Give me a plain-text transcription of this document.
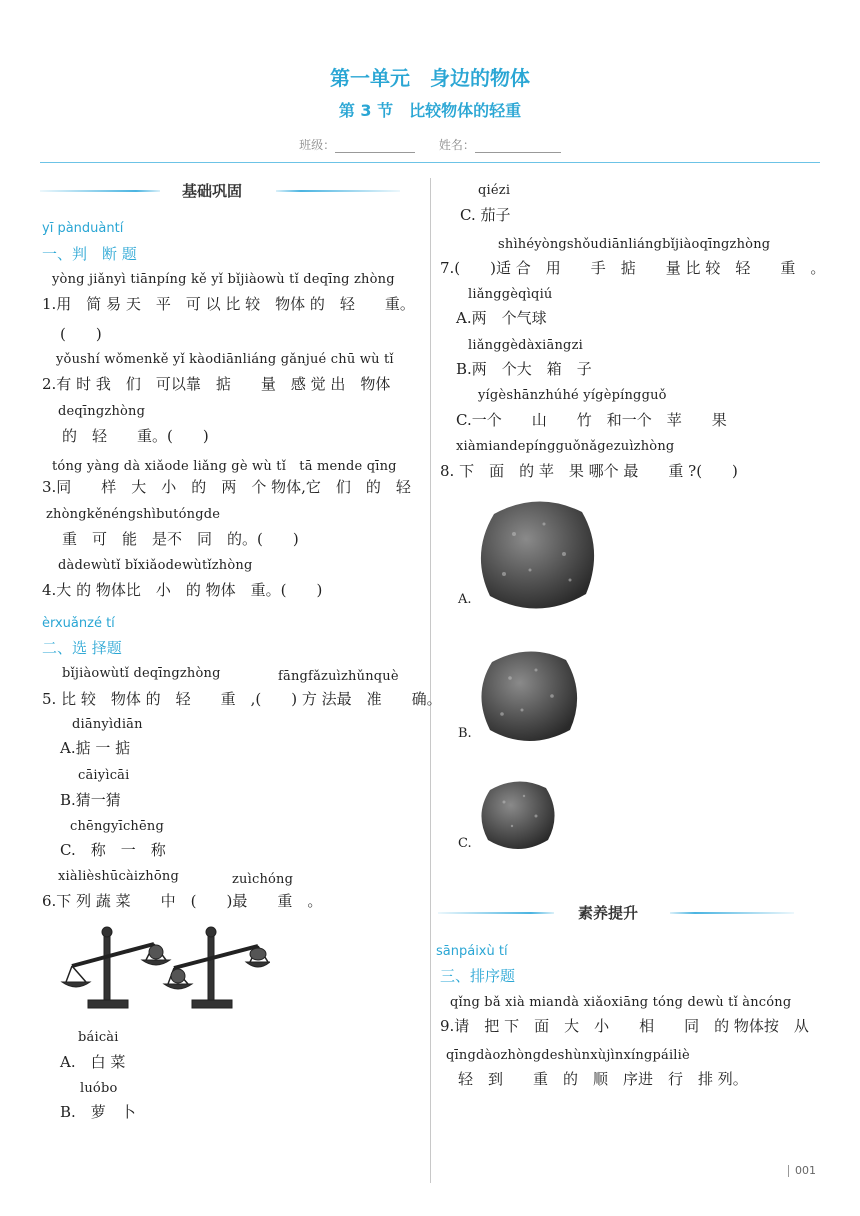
第一单元　身边的物体
第 3 节　比较物体的轻重
班级：	姓名：
基础巩固
yī pànduàntí
一、判　断 题
yòng jiǎnyì tiānpíng kě yǐ bǐjiàowù tǐ deqīng zhòng
1.用　简 易 天　平　可 以 比 较　物体 的　轻　　重。
(　　)
yǒushí wǒmenkě yǐ kàodiānliáng gǎnjué chū wù tǐ
2.有 时 我　们　可以靠　掂　　量　感 觉 出　物体
deqīngzhòng
的　轻　　重。(　　)
tóng yàng dà xiǎode liǎng gè wù tǐ　tā mende qīng
3.同　　样　大　小　的　两　个 物体,它　们　的　轻
zhòngkěnéngshìbutóngde
重　可　能　是不　同　的。(　　)
dàdewùtǐ bǐxiǎodewùtǐzhòng
4.大 的 物体比　小　的 物体　重。(　　)
èrxuǎnzé tí
二、选 择题
bǐjiàowùtǐ deqīngzhòng	fāngfǎzuìzhǔnquè
5. 比 较　物体 的　轻　　重　,(　　) 方 法最　准　　确。
diānyìdiān
A.掂 一 掂
cāiyìcāi
B.猜一猜
chēngyīchēng
C.　称　一　称
xiàlièshūcàizhōng	zuìchóng
6.下 列 蔬 菜　　中　(　　)最　　重　。
báicài
A.　白 菜
luóbo
B.　萝　卜
qiézi
C. 茄子
shìhéyòngshǒudiānliángbǐjiàoqīngzhòng
7.(　　)适 合　用　　手　掂　　量 比 较　轻　　重　。
liǎnggèqìqiú
A.两　个气球
liǎnggèdàxiāngzi
B.两　个大　箱　子
yígèshānzhúhé yígèpíngguǒ
C.一个　　山　　竹　和一个　苹　　果
xiàmiandepíngguǒnǎgezuìzhòng
8. 下　面　的 苹　果 哪个 最　　重 ?(　　)
A.
B.
C.
素养提升
sānpáixù tí
三、排序题
qǐng bǎ xià miandà xiǎoxiāng tóng dewù tǐ àncóng
9.请　把 下　面　大　小　　相　　同　的 物体按　从
qīngdàozhòngdeshùnxùjìnxíngpáiliè
轻　到　　重　的　顺　序进　行　排 列。
001
